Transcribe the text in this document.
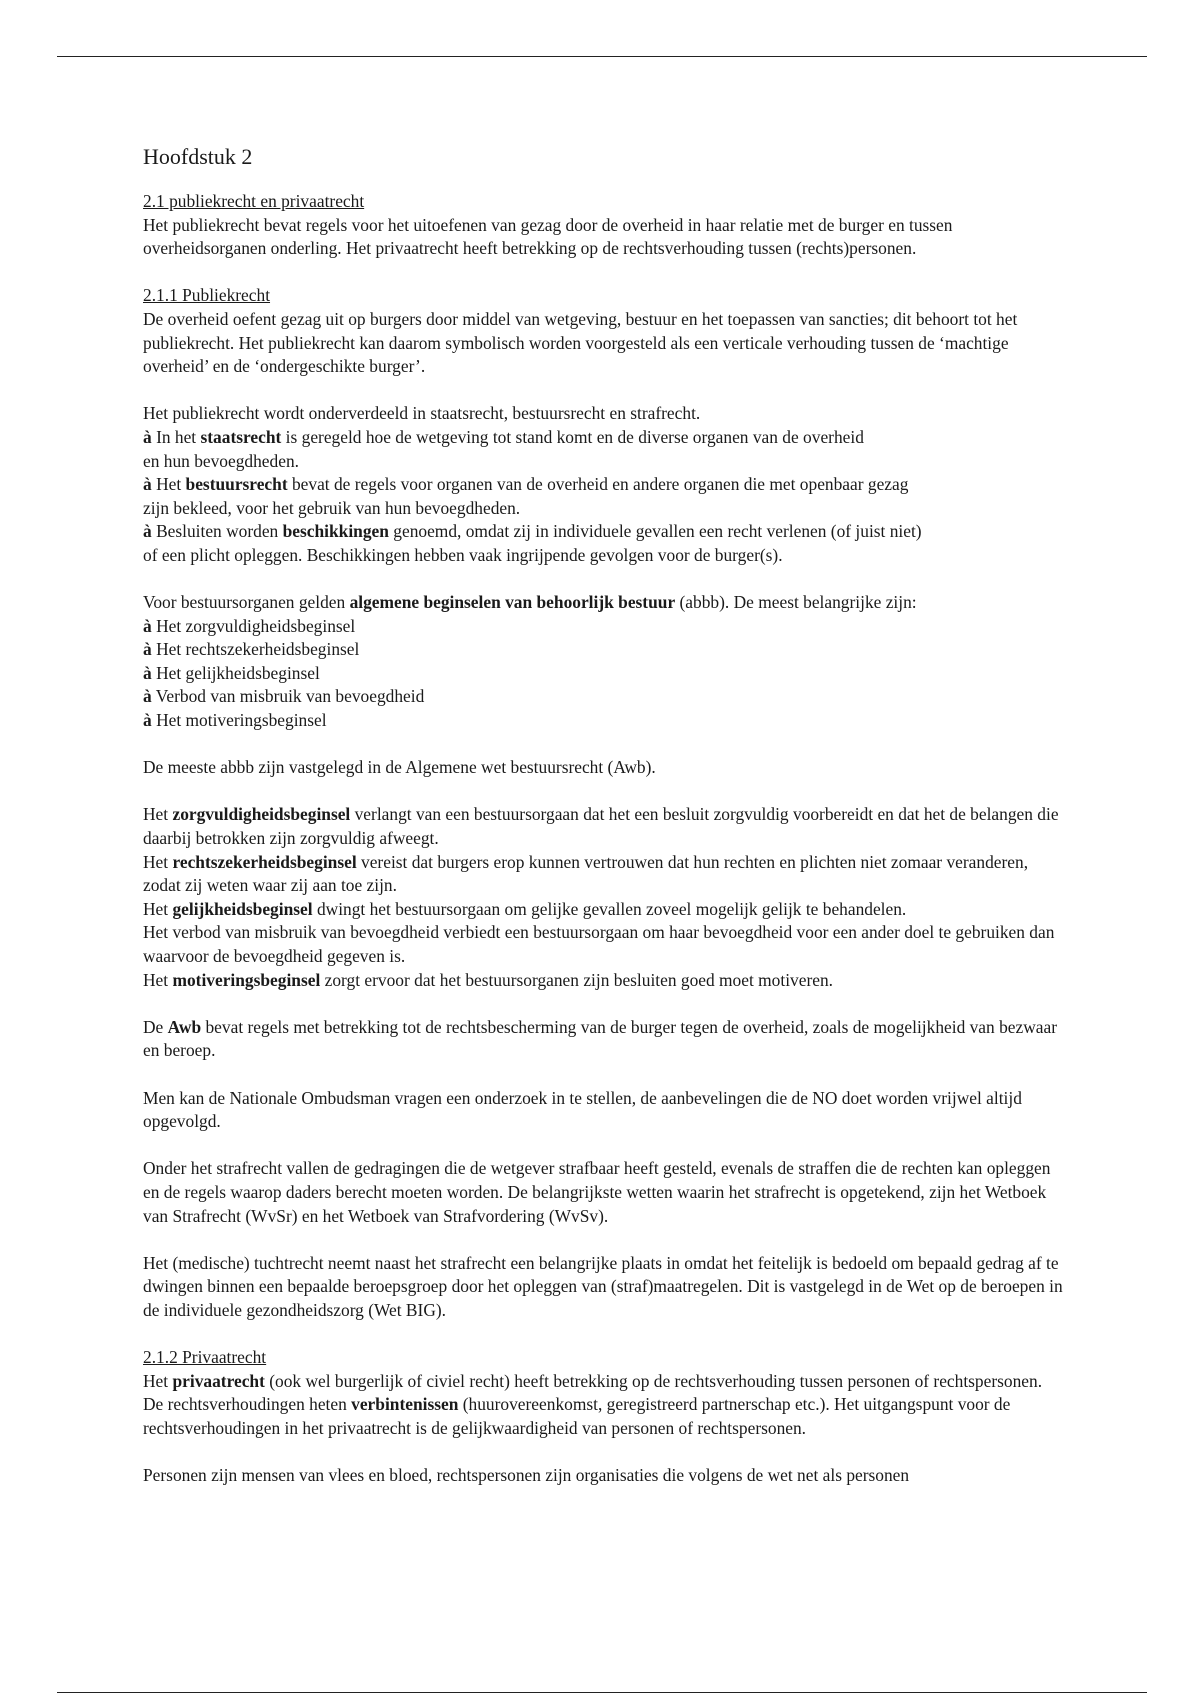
Hoofdstuk 2
2.1 publiekrecht en privaatrecht

Het publiekrecht bevat regels voor het uitoefenen van gezag door de overheid in haar relatie met de burger en tussen overheidsorganen onderling. Het privaatrecht heeft betrekking op de rechtsverhouding tussen (rechts)personen.

2.1.1 Publiekrecht

De overheid oefent gezag uit op burgers door middel van wetgeving, bestuur en het toepassen van sancties; dit behoort tot het publiekrecht. Het publiekrecht kan daarom symbolisch worden voorgesteld als een verticale verhouding tussen de ‘machtige overheid’ en de ‘ondergeschikte burger’.

Het publiekrecht wordt onderverdeeld in staatsrecht, bestuursrecht en strafrecht.

à In het staatsrecht is geregeld hoe de wetgeving tot stand komt en de diverse organen van de overheid
en hun bevoegdheden.

à Het bestuursrecht bevat de regels voor organen van de overheid en andere organen die met openbaar gezag
zijn bekleed, voor het gebruik van hun bevoegdheden.

à Besluiten worden beschikkingen genoemd, omdat zij in individuele gevallen een recht verlenen (of juist niet)
of een plicht opleggen. Beschikkingen hebben vaak ingrijpende gevolgen voor de burger(s).

Voor bestuursorganen gelden algemene beginselen van behoorlijk bestuur (abbb). De meest belangrijke zijn:

à Het zorgvuldigheidsbeginsel

à Het rechtszekerheidsbeginsel

à Het gelijkheidsbeginsel

à Verbod van misbruik van bevoegdheid

à Het motiveringsbeginsel

De meeste abbb zijn vastgelegd in de Algemene wet bestuursrecht (Awb).

Het zorgvuldigheidsbeginsel verlangt van een bestuursorgaan dat het een besluit zorgvuldig voorbereidt en dat het de belangen die daarbij betrokken zijn zorgvuldig afweegt.

Het rechtszekerheidsbeginsel vereist dat burgers erop kunnen vertrouwen dat hun rechten en plichten niet zomaar veranderen, zodat zij weten waar zij aan toe zijn.

Het gelijkheidsbeginsel dwingt het bestuursorgaan om gelijke gevallen zoveel mogelijk gelijk te behandelen.

Het verbod van misbruik van bevoegdheid verbiedt een bestuursorgaan om haar bevoegdheid voor een ander doel te gebruiken dan waarvoor de bevoegdheid gegeven is.

Het motiveringsbeginsel zorgt ervoor dat het bestuursorganen zijn besluiten goed moet motiveren.

De Awb bevat regels met betrekking tot de rechtsbescherming van de burger tegen de overheid, zoals de mogelijkheid van bezwaar en beroep.

Men kan de Nationale Ombudsman vragen een onderzoek in te stellen, de aanbevelingen die de NO doet worden vrijwel altijd opgevolgd.

Onder het strafrecht vallen de gedragingen die de wetgever strafbaar heeft gesteld, evenals de straffen die de rechten kan opleggen en de regels waarop daders berecht moeten worden. De belangrijkste wetten waarin het strafrecht is opgetekend, zijn het Wetboek van Strafrecht (WvSr) en het Wetboek van Strafvordering (WvSv).

Het (medische) tuchtrecht neemt naast het strafrecht een belangrijke plaats in omdat het feitelijk is bedoeld om bepaald gedrag af te dwingen binnen een bepaalde beroepsgroep door het opleggen van (straf)maatregelen. Dit is vastgelegd in de Wet op de beroepen in de individuele gezondheidszorg (Wet BIG).

2.1.2 Privaatrecht

Het privaatrecht (ook wel burgerlijk of civiel recht) heeft betrekking op de rechtsverhouding tussen personen of rechtspersonen. De rechtsverhoudingen heten verbintenissen (huurovereenkomst, geregistreerd partnerschap etc.). Het uitgangspunt voor de rechtsverhoudingen in het privaatrecht is de gelijkwaardigheid van personen of rechtspersonen.

Personen zijn mensen van vlees en bloed, rechtspersonen zijn organisaties die volgens de wet net als personen
